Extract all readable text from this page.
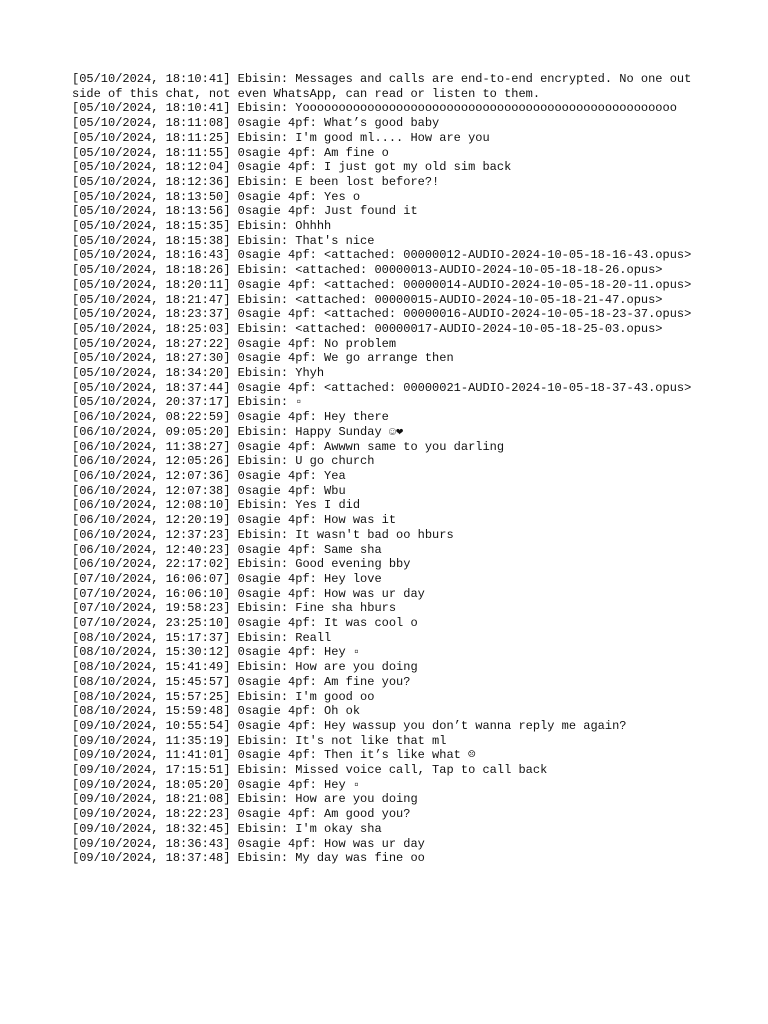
[05/10/2024, 18:10:41] Ebisin: Messages and calls are end-to-end encrypted. No one outside of this chat, not even WhatsApp, can read or listen to them.
[05/10/2024, 18:10:41] Ebisin: Yoooooooooooooooooooooooooooooooooooooooooooooooooooo
[05/10/2024, 18:11:08] 0sagie 4pf: What’s good baby
[05/10/2024, 18:11:25] Ebisin: I'm good ml.... How are you
[05/10/2024, 18:11:55] 0sagie 4pf: Am fine o
[05/10/2024, 18:12:04] 0sagie 4pf: I just got my old sim back
[05/10/2024, 18:12:36] Ebisin: E been lost before?!
[05/10/2024, 18:13:50] 0sagie 4pf: Yes o
[05/10/2024, 18:13:56] 0sagie 4pf: Just found it
[05/10/2024, 18:15:35] Ebisin: Ohhhh
[05/10/2024, 18:15:38] Ebisin: That's nice
[05/10/2024, 18:16:43] 0sagie 4pf: <attached: 00000012-AUDIO-2024-10-05-18-16-43.opus>
[05/10/2024, 18:18:26] Ebisin: <attached: 00000013-AUDIO-2024-10-05-18-18-26.opus>
[05/10/2024, 18:20:11] 0sagie 4pf: <attached: 00000014-AUDIO-2024-10-05-18-20-11.opus>
[05/10/2024, 18:21:47] Ebisin: <attached: 00000015-AUDIO-2024-10-05-18-21-47.opus>
[05/10/2024, 18:23:37] 0sagie 4pf: <attached: 00000016-AUDIO-2024-10-05-18-23-37.opus>
[05/10/2024, 18:25:03] Ebisin: <attached: 00000017-AUDIO-2024-10-05-18-25-03.opus>
[05/10/2024, 18:27:22] 0sagie 4pf: No problem
[05/10/2024, 18:27:30] 0sagie 4pf: We go arrange then
[05/10/2024, 18:34:20] Ebisin: Yhyh
[05/10/2024, 18:37:44] 0sagie 4pf: <attached: 00000021-AUDIO-2024-10-05-18-37-43.opus>
[05/10/2024, 20:37:17] Ebisin: ▫
[06/10/2024, 08:22:59] 0sagie 4pf: Hey there
[06/10/2024, 09:05:20] Ebisin: Happy Sunday ☺❤
[06/10/2024, 11:38:27] 0sagie 4pf: Awwwn same to you darling
[06/10/2024, 12:05:26] Ebisin: U go church
[06/10/2024, 12:07:36] 0sagie 4pf: Yea
[06/10/2024, 12:07:38] 0sagie 4pf: Wbu
[06/10/2024, 12:08:10] Ebisin: Yes I did
[06/10/2024, 12:20:19] 0sagie 4pf: How was it
[06/10/2024, 12:37:23] Ebisin: It wasn't bad oo hburs
[06/10/2024, 12:40:23] 0sagie 4pf: Same sha
[06/10/2024, 22:17:02] Ebisin: Good evening bby
[07/10/2024, 16:06:07] 0sagie 4pf: Hey love
[07/10/2024, 16:06:10] 0sagie 4pf: How was ur day
[07/10/2024, 19:58:23] Ebisin: Fine sha hburs
[07/10/2024, 23:25:10] 0sagie 4pf: It was cool o
[08/10/2024, 15:17:37] Ebisin: Reall
[08/10/2024, 15:30:12] 0sagie 4pf: Hey ▫
[08/10/2024, 15:41:49] Ebisin: How are you doing
[08/10/2024, 15:45:57] 0sagie 4pf: Am fine you?
[08/10/2024, 15:57:25] Ebisin: I'm good oo
[08/10/2024, 15:59:48] 0sagie 4pf: Oh ok
[09/10/2024, 10:55:54] 0sagie 4pf: Hey wassup you don’t wanna reply me again?
[09/10/2024, 11:35:19] Ebisin: It's not like that ml
[09/10/2024, 11:41:01] 0sagie 4pf: Then it’s like what ☹
[09/10/2024, 17:15:51] Ebisin: Missed voice call, Tap to call back
[09/10/2024, 18:05:20] 0sagie 4pf: Hey ▫
[09/10/2024, 18:21:08] Ebisin: How are you doing
[09/10/2024, 18:22:23] 0sagie 4pf: Am good you?
[09/10/2024, 18:32:45] Ebisin: I'm okay sha
[09/10/2024, 18:36:43] 0sagie 4pf: How was ur day
[09/10/2024, 18:37:48] Ebisin: My day was fine oo
